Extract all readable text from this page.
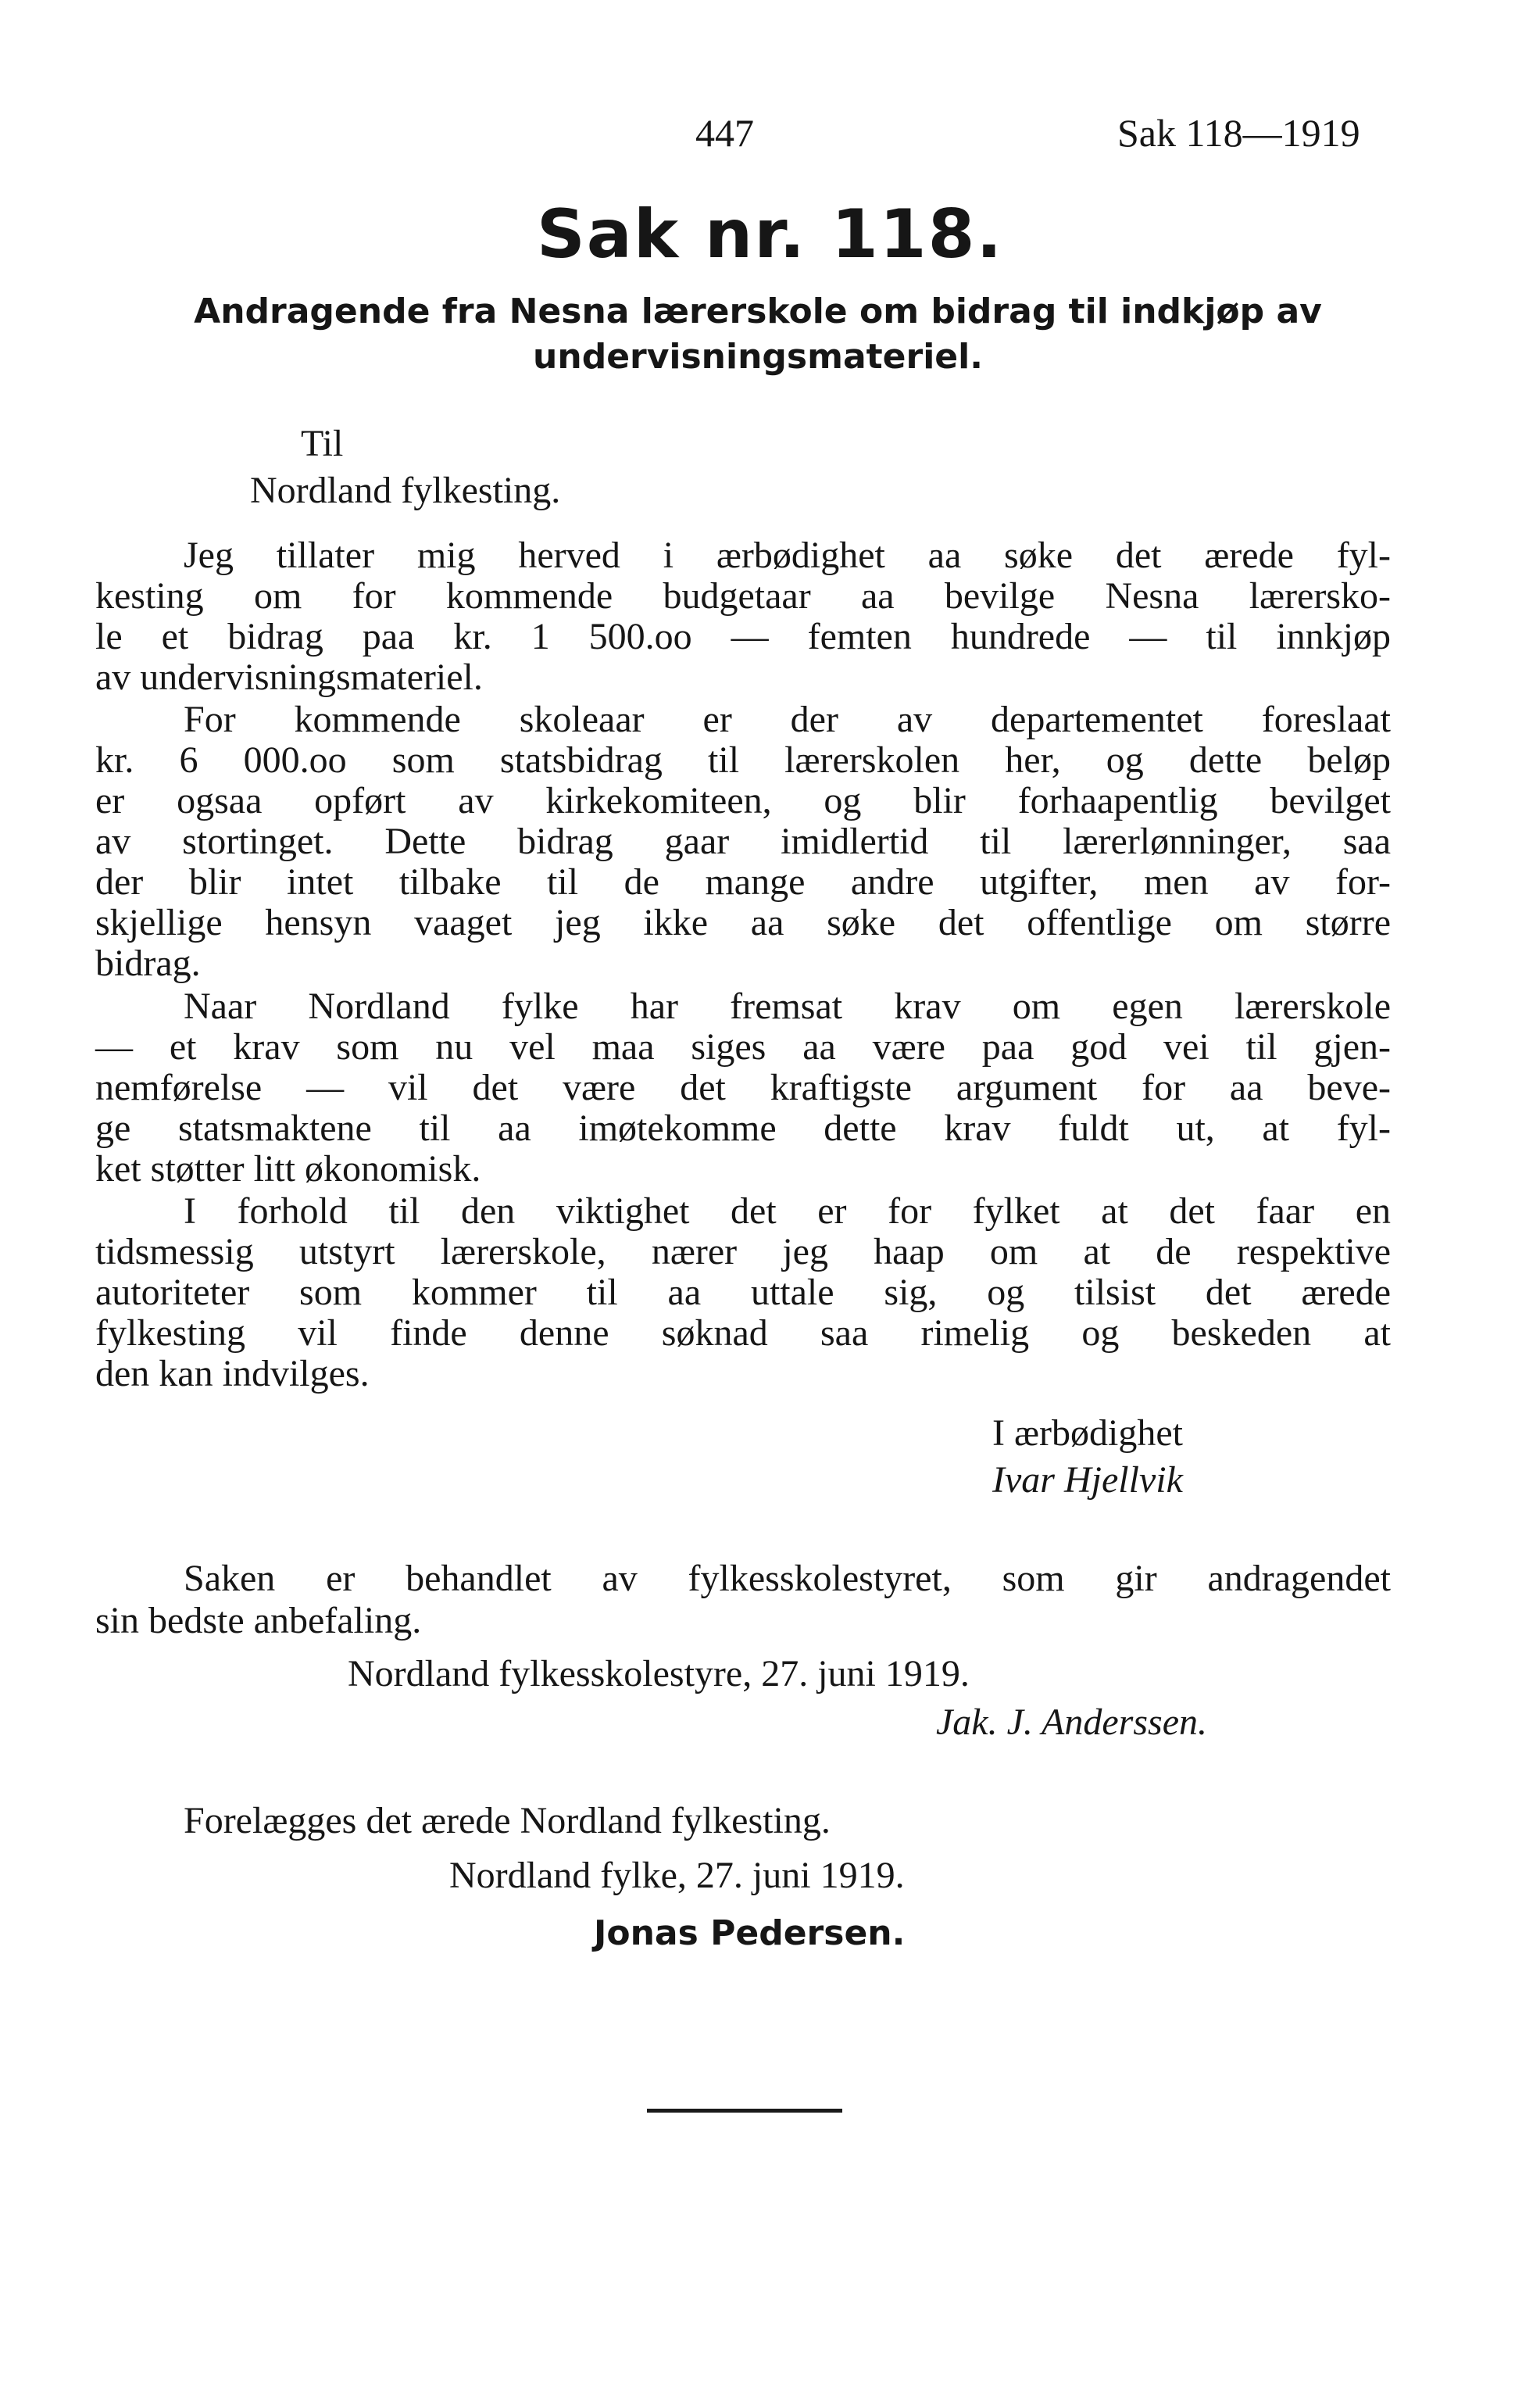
447	Sak 118—1919
Sak nr. 118.
Andragende fra Nesna lærerskole om bidrag til indkjøp av undervisningsmateriel.
Til
Nordland fylkesting.
Jeg tillater mig herved i ærbødighet aa søke det ærede fyl-
kesting om for kommende budgetaar aa bevilge Nesna lærersko-
le et bidrag paa kr. 1 500.oo — femten hundrede — til innkjøp
av undervisningsmateriel.
For kommende skoleaar er der av departementet foreslaat
kr. 6 000.oo som statsbidrag til lærerskolen her, og dette beløp
er ogsaa opført av kirkekomiteen, og blir forhaapentlig bevilget
av stortinget. Dette bidrag gaar imidlertid til lærerlønninger, saa
der blir intet tilbake til de mange andre utgifter, men av for-
skjellige hensyn vaaget jeg ikke aa søke det offentlige om større
bidrag.
Naar Nordland fylke har fremsat krav om egen lærerskole
— et krav som nu vel maa siges aa være paa god vei til gjen-
nemførelse — vil det være det kraftigste argument for aa beve-
ge statsmaktene til aa imøtekomme dette krav fuldt ut, at fyl-
ket støtter litt økonomisk.
I forhold til den viktighet det er for fylket at det faar en
tidsmessig utstyrt lærerskole, nærer jeg haap om at de respektive
autoriteter som kommer til aa uttale sig, og tilsist det ærede
fylkesting vil finde denne søknad saa rimelig og beskeden at
den kan indvilges.
I ærbødighet
Ivar Hjellvik
Saken er behandlet av fylkesskolestyret, som gir andragendet
sin bedste anbefaling.
Nordland fylkesskolestyre, 27. juni 1919.
Jak. J. Anderssen.
Forelægges det ærede Nordland fylkesting.
Nordland fylke, 27. juni 1919.
Jonas Pedersen.
